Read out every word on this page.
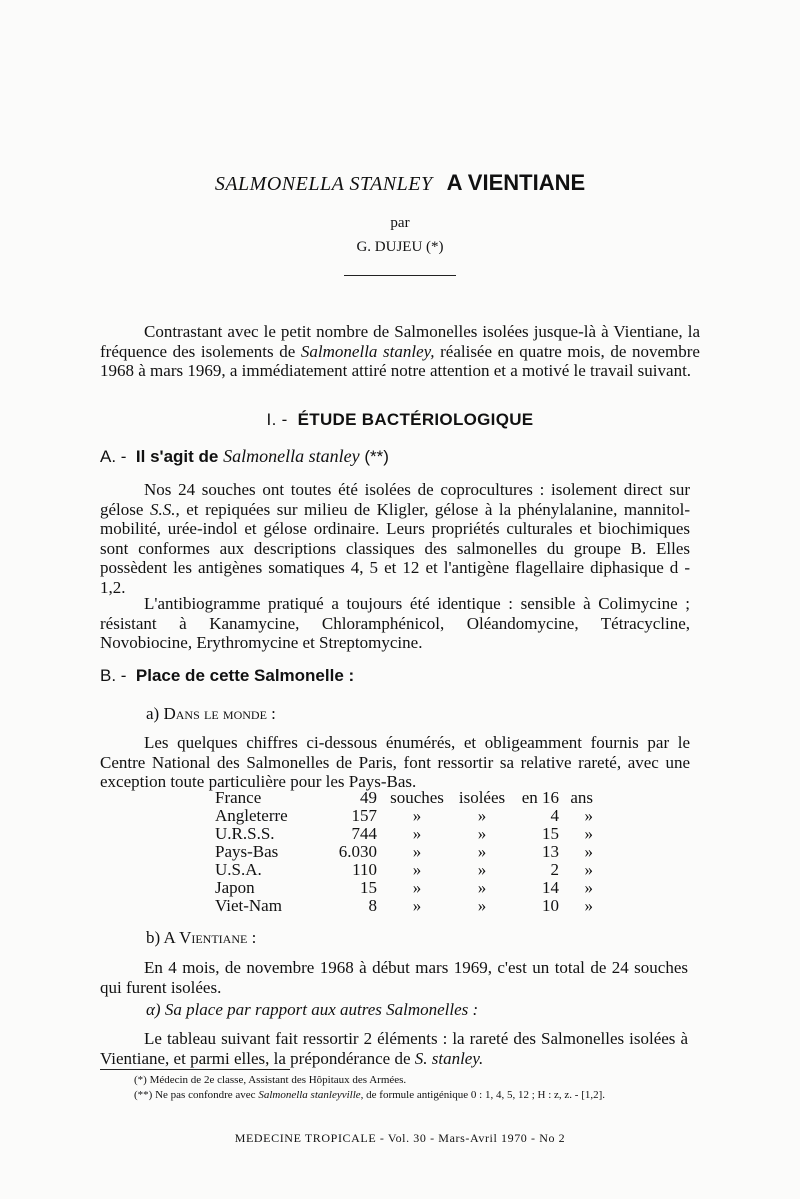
SALMONELLA STANLEY A VIENTIANE
par
G. DUJEU (*)

Contrastant avec le petit nombre de Salmonelles isolées jusque-là à Vientiane, la fréquence des isolements de Salmonella stanley, réalisée en quatre mois, de novembre 1968 à mars 1969, a immédiatement attiré notre attention et a motivé le travail suivant.

I. - ÉTUDE BACTÉRIOLOGIQUE
A. - Il s'agit de Salmonella stanley (**)

Nos 24 souches ont toutes été isolées de coprocultures : isolement direct sur gélose S.S., et repiquées sur milieu de Kligler, gélose à la phénylalanine, mannitol-mobilité, urée-indol et gélose ordinaire. Leurs propriétés culturales et biochimiques sont conformes aux descriptions classiques des salmonelles du groupe B. Elles possèdent les antigènes somatiques 4, 5 et 12 et l'antigène flagellaire diphasique d - 1,2.

L'antibiogramme pratiqué a toujours été identique : sensible à Colimycine ; résistant à Kanamycine, Chloramphénicol, Oléandomycine, Tétracycline, Novobiocine, Erythromycine et Streptomycine.

B. - Place de cette Salmonelle :
a) Dans le monde :

Les quelques chiffres ci-dessous énumérés, et obligeamment fournis par le Centre National des Salmonelles de Paris, font ressortir sa relative rareté, avec une exception toute particulière pour les Pays-Bas.

France	49	souches	isolées	en 16	ans
Angleterre	157	»	»	4	»
U.R.S.S.	744	»	»	15	»
Pays-Bas	6.030	»	»	13	»
U.S.A.	110	»	»	2	»
Japon	15	»	»	14	»
Viet-Nam	8	»	»	10	»
b) A Vientiane :

En 4 mois, de novembre 1968 à début mars 1969, c'est un total de 24 souches qui furent isolées.

α) Sa place par rapport aux autres Salmonelles :

Le tableau suivant fait ressortir 2 éléments : la rareté des Salmonelles isolées à Vientiane, et parmi elles, la prépondérance de S. stanley.

(*) Médecin de 2e classe, Assistant des Hôpitaux des Armées.
(**) Ne pas confondre avec Salmonella stanleyville, de formule antigénique 0 : 1, 4, 5, 12 ; H : z, z. - [1,2].
MEDECINE TROPICALE - Vol. 30 - Mars-Avril 1970 - No 2
